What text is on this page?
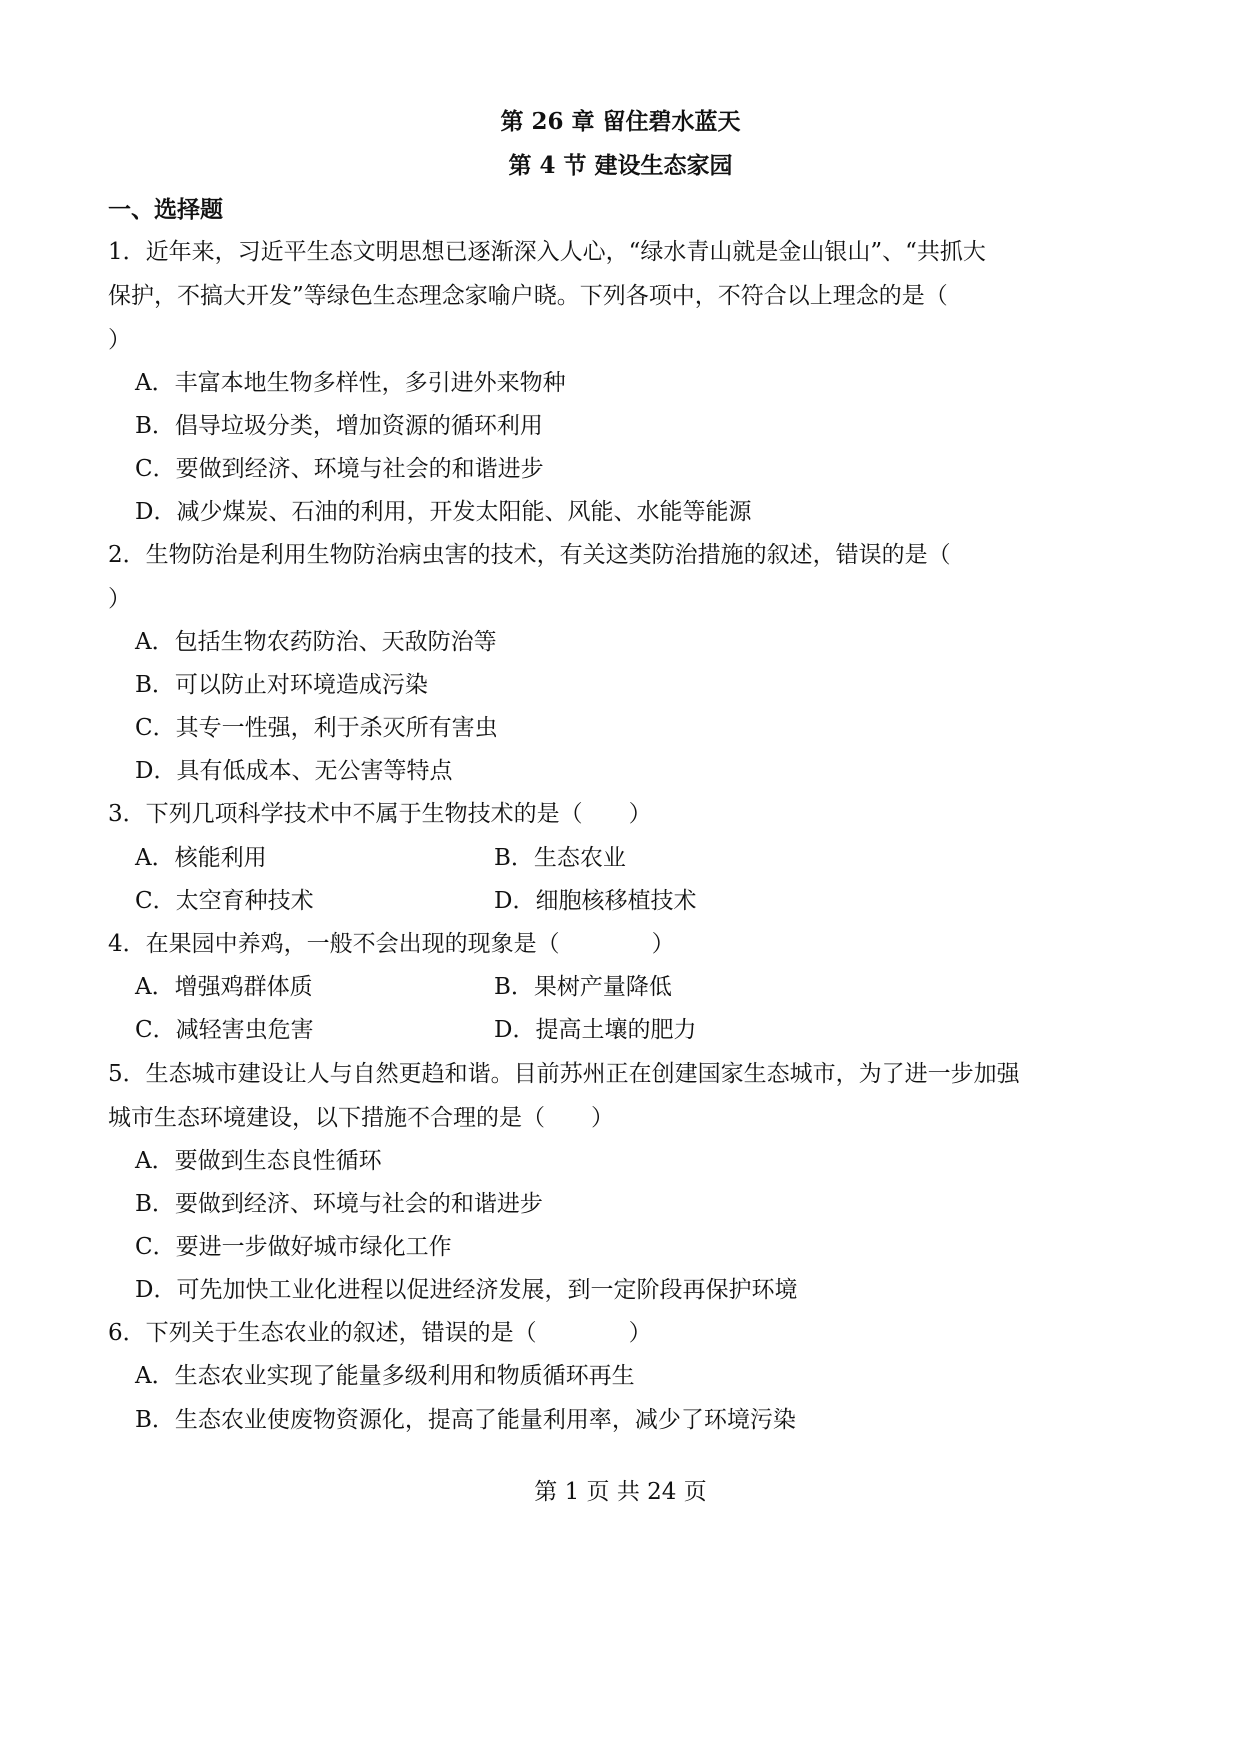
第 26 章 留住碧水蓝天
第 4 节 建设生态家园
一、选择题
1．近年来，习近平生态文明思想已逐渐深入人心，“绿水青山就是金山银山”、“共抓大
保护，不搞大开发”等绿色生态理念家喻户晓。下列各项中，不符合以上理念的是（
）
A．丰富本地生物多样性，多引进外来物种
B．倡导垃圾分类，增加资源的循环利用
C．要做到经济、环境与社会的和谐进步
D．减少煤炭、石油的利用，开发太阳能、风能、水能等能源
2．生物防治是利用生物防治病虫害的技术，有关这类防治措施的叙述，错误的是（
）
A．包括生物农药防治、天敌防治等
B．可以防止对环境造成污染
C．其专一性强，利于杀灭所有害虫
D．具有低成本、无公害等特点
3．下列几项科学技术中不属于生物技术的是（　　）
A．核能利用	B．生态农业
C．太空育种技术	D．细胞核移植技术
4．在果园中养鸡，一般不会出现的现象是（　　　　）
A．增强鸡群体质	B．果树产量降低
C．减轻害虫危害	D．提高土壤的肥力
5．生态城市建设让人与自然更趋和谐。目前苏州正在创建国家生态城市，为了进一步加强
城市生态环境建设，以下措施不合理的是（　　）
A．要做到生态良性循环
B．要做到经济、环境与社会的和谐进步
C．要进一步做好城市绿化工作
D．可先加快工业化进程以促进经济发展，到一定阶段再保护环境
6．下列关于生态农业的叙述，错误的是（　　　　）
A．生态农业实现了能量多级利用和物质循环再生
B．生态农业使废物资源化，提高了能量利用率，减少了环境污染
第 1 页 共 24 页
